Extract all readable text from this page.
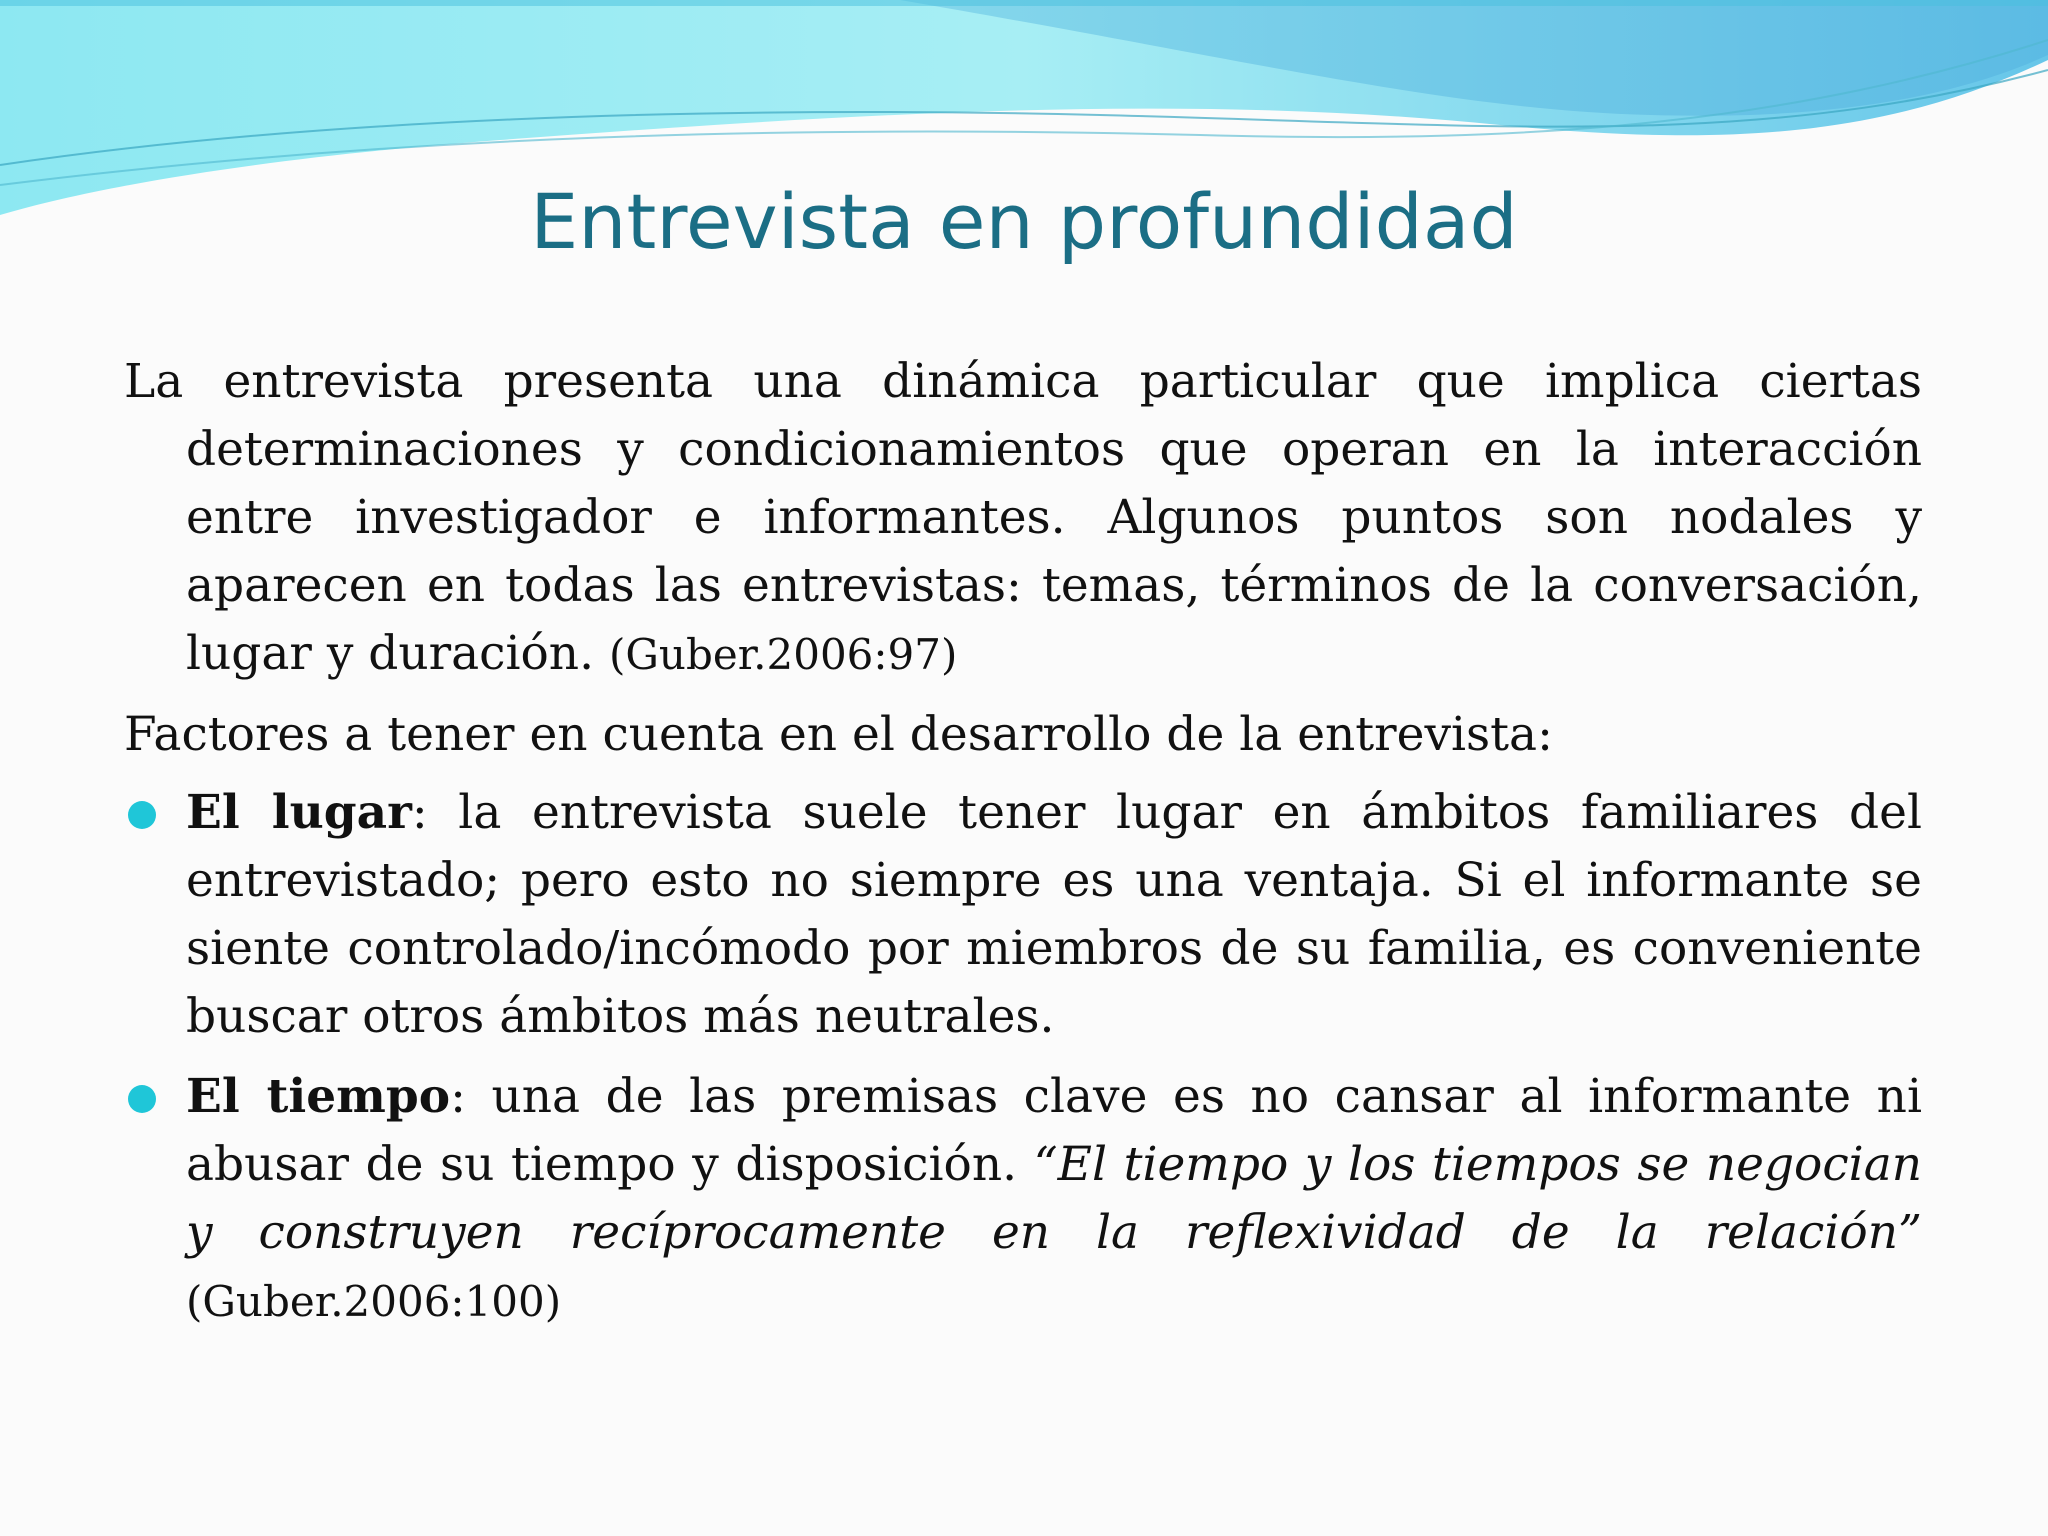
Entrevista en profundidad

La entrevista presenta una dinámica particular que implica ciertas determinaciones y condicionamientos que operan en la interacción entre investigador e informantes. Algunos puntos son nodales y aparecen en todas las entrevistas: temas, términos de la conversación, lugar y duración. (Guber.2006:97)

Factores a tener en cuenta en el desarrollo de la entrevista:

El lugar: la entrevista suele tener lugar en ámbitos familiares del entrevistado; pero esto no siempre es una ventaja. Si el informante se siente controlado/incómodo por miembros de su familia, es conveniente buscar otros ámbitos más neutrales.
El tiempo: una de las premisas clave es no cansar al informante ni abusar de su tiempo y disposición. “El tiempo y los tiempos se negocian y construyen recíprocamente en la reflexividad de la relación” (Guber.2006:100)
